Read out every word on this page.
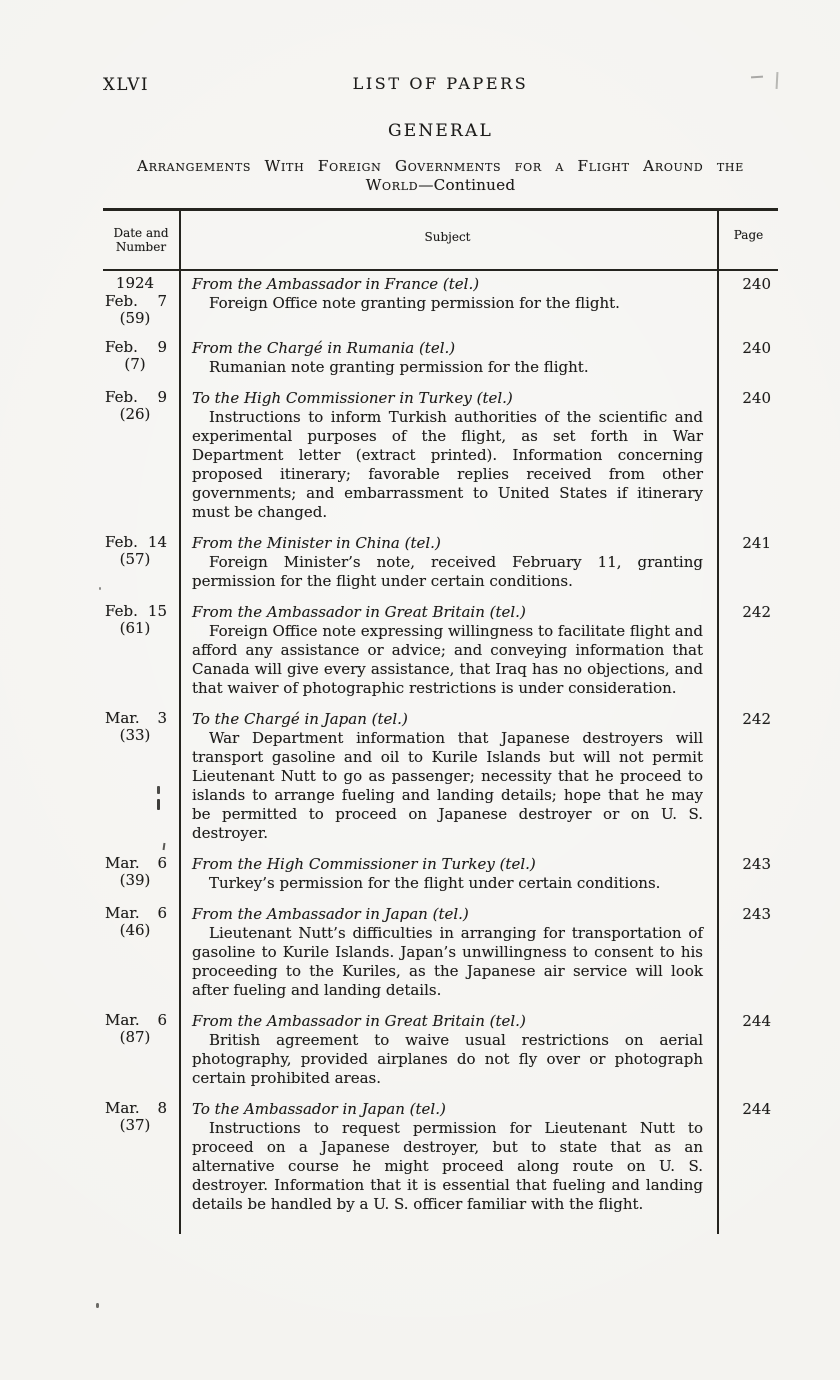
XLVI	LIST OF PAPERS
GENERAL
Arrangements With Foreign Governments for a Flight Around the
World—Continued
Date and
Number
Subject	Page
1924
Feb. 7
(59)
From the Ambassador in France (tel.)
Foreign Office note granting permission for the flight.
240
Feb. 9
(7)
From the Chargé in Rumania (tel.)
Rumanian note granting permission for the flight.
240
Feb. 9
(26)
To the High Commissioner in Turkey (tel.)
Instructions to inform Turkish authorities of the scientific and experimental purposes of the flight, as set forth in War Department letter (extract printed). Information concerning proposed itinerary; favorable replies received from other governments; and embarrassment to United States if itinerary must be changed.
240
Feb. 14
(57)
From the Minister in China (tel.)
Foreign Minister’s note, received February 11, granting permission for the flight under certain conditions.
241
Feb. 15
(61)
From the Ambassador in Great Britain (tel.)
Foreign Office note expressing willingness to facilitate flight and afford any assistance or advice; and conveying information that Canada will give every assistance, that Iraq has no objections, and that waiver of photographic restrictions is under consideration.
242
Mar. 3
(33)
To the Chargé in Japan (tel.)
War Department information that Japanese destroyers will transport gasoline and oil to Kurile Islands but will not permit Lieutenant Nutt to go as passenger; necessity that he proceed to islands to arrange fueling and landing details; hope that he may be permitted to proceed on Japanese destroyer or on U. S. destroyer.
242
Mar. 6
(39)
From the High Commissioner in Turkey (tel.)
Turkey’s permission for the flight under certain conditions.
243
Mar. 6
(46)
From the Ambassador in Japan (tel.)
Lieutenant Nutt’s difficulties in arranging for transportation of gasoline to Kurile Islands. Japan’s unwillingness to consent to his proceeding to the Kuriles, as the Japanese air service will look after fueling and landing details.
243
Mar. 6
(87)
From the Ambassador in Great Britain (tel.)
British agreement to waive usual restrictions on aerial photography, provided airplanes do not fly over or photograph certain prohibited areas.
244
Mar. 8
(37)
To the Ambassador in Japan (tel.)
Instructions to request permission for Lieutenant Nutt to proceed on a Japanese destroyer, but to state that as an alternative course he might proceed along route on U. S. destroyer. Information that it is essential that fueling and landing details be handled by a U. S. officer familiar with the flight.
244
